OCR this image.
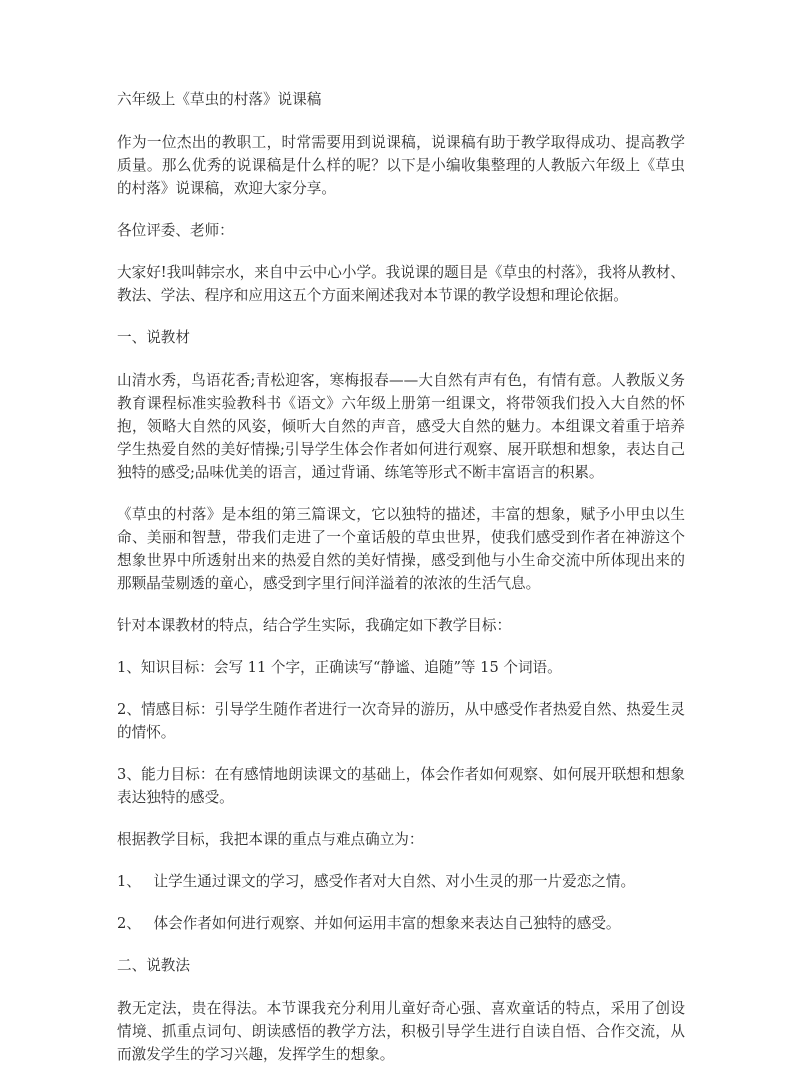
六年级上《草虫的村落》说课稿

作为一位杰出的教职工，时常需要用到说课稿，说课稿有助于教学取得成功、提高教学质量。那么优秀的说课稿是什么样的呢？以下是小编收集整理的人教版六年级上《草虫的村落》说课稿，欢迎大家分享。

各位评委、老师：

大家好!我叫韩宗水，来自中云中心小学。我说课的题目是《草虫的村落》，我将从教材、教法、学法、程序和应用这五个方面来阐述我对本节课的教学设想和理论依据。

一、说教材

山清水秀，鸟语花香;青松迎客，寒梅报春——大自然有声有色，有情有意。人教版义务教育课程标准实验教科书《语文》六年级上册第一组课文，将带领我们投入大自然的怀抱，领略大自然的风姿，倾听大自然的声音，感受大自然的魅力。本组课文着重于培养学生热爱自然的美好情操;引导学生体会作者如何进行观察、展开联想和想象，表达自己独特的感受;品味优美的语言，通过背诵、练笔等形式不断丰富语言的积累。

《草虫的村落》是本组的第三篇课文，它以独特的描述，丰富的想象，赋予小甲虫以生命、美丽和智慧，带我们走进了一个童话般的草虫世界，使我们感受到作者在神游这个想象世界中所透射出来的热爱自然的美好情操，感受到他与小生命交流中所体现出来的那颗晶莹剔透的童心，感受到字里行间洋溢着的浓浓的生活气息。

针对本课教材的特点，结合学生实际，我确定如下教学目标：

1、知识目标：会写 11 个字，正确读写“静谧、追随”等 15 个词语。

2、情感目标：引导学生随作者进行一次奇异的游历，从中感受作者热爱自然、热爱生灵的情怀。

3、能力目标：在有感情地朗读课文的基础上，体会作者如何观察、如何展开联想和想象表达独特的感受。

根据教学目标，我把本课的重点与难点确立为：

1、 让学生通过课文的学习，感受作者对大自然、对小生灵的那一片爱恋之情。

2、 体会作者如何进行观察、并如何运用丰富的想象来表达自己独特的感受。

二、说教法

教无定法，贵在得法。本节课我充分利用儿童好奇心强、喜欢童话的特点，采用了创设情境、抓重点词句、朗读感悟的教学方法，积极引导学生进行自读自悟、合作交流，从而激发学生的学习兴趣，发挥学生的想象。
